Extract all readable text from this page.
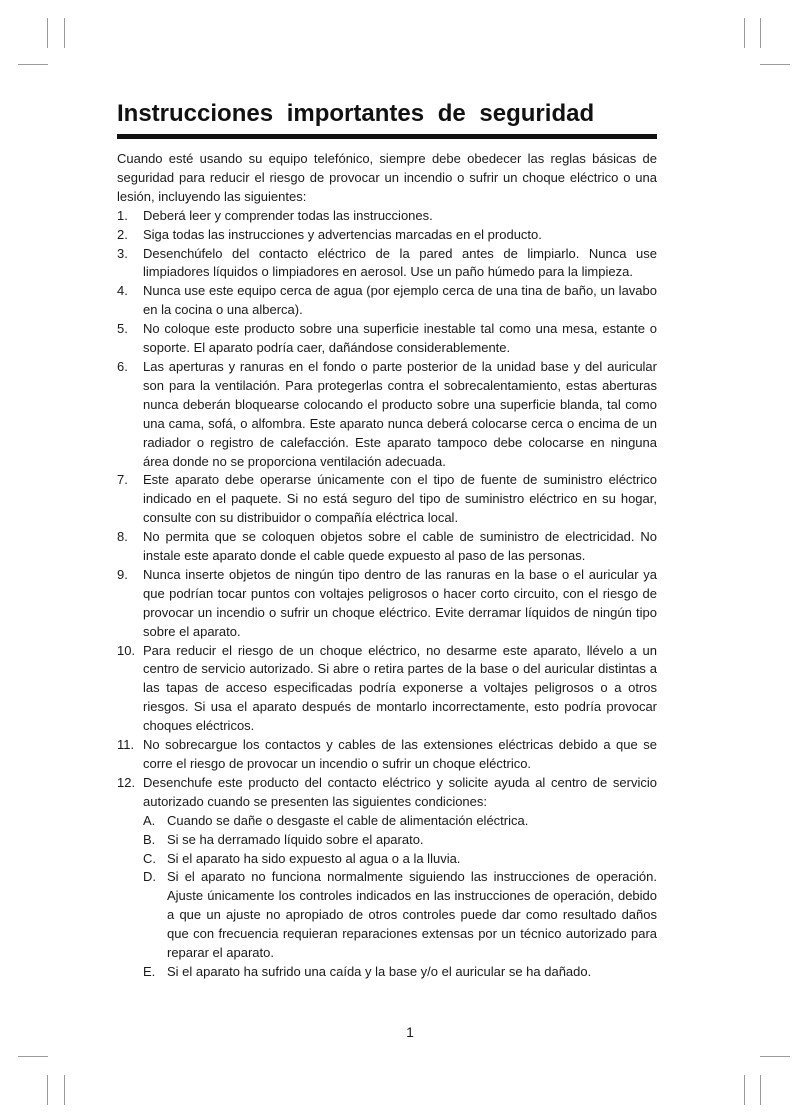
Instrucciones importantes de seguridad

Cuando esté usando su equipo telefónico, siempre debe obedecer las reglas básicas de seguridad para reducir el riesgo de provocar un incendio o sufrir un choque eléctrico o una lesión, incluyendo las siguientes:

1.	Deberá leer y comprender todas las instrucciones.
2.	Siga todas las instrucciones y advertencias marcadas en el producto.
3.	Desenchúfelo del contacto eléctrico de la pared antes de limpiarlo. Nunca use limpiadores líquidos o limpiadores en aerosol. Use un paño húmedo para la limpieza.
4.	Nunca use este equipo cerca de agua (por ejemplo cerca de una tina de baño, un lavabo en la cocina o una alberca).
5.	No coloque este producto sobre una superficie inestable tal como una mesa, estante o soporte. El aparato podría caer, dañándose considerablemente.
6.	Las aperturas y ranuras en el fondo o parte posterior de la unidad base y del auricular son para la ventilación. Para protegerlas contra el sobrecalentamiento, estas aberturas nunca deberán bloquearse colocando el producto sobre una superficie blanda, tal como una cama, sofá, o alfombra. Este aparato nunca deberá colocarse cerca o encima de un radiador o registro de calefacción. Este aparato tampoco debe colocarse en ninguna área donde no se proporciona ventilación adecuada.
7.	Este aparato debe operarse únicamente con el tipo de fuente de suministro eléctrico indicado en el paquete. Si no está seguro del tipo de suministro eléctrico en su hogar, consulte con su distribuidor o compañía eléctrica local.
8.	No permita que se coloquen objetos sobre el cable de suministro de electricidad. No instale este aparato donde el cable quede expuesto al paso de las personas.
9.	Nunca inserte objetos de ningún tipo dentro de las ranuras en la base o el auricular ya que podrían tocar puntos con voltajes peligrosos o hacer corto circuito, con el riesgo de provocar un incendio o sufrir un choque eléctrico. Evite derramar líquidos de ningún tipo sobre el aparato.
10. Para reducir el riesgo de un choque eléctrico, no desarme este aparato, llévelo a un centro de servicio autorizado. Si abre o retira partes de la base o del auricular distintas a las tapas de acceso especificadas podría exponerse a voltajes peligrosos o a otros riesgos. Si usa el aparato después de montarlo incorrectamente, esto podría provocar choques eléctricos.
11. No sobrecargue los contactos y cables de las extensiones eléctricas debido a que se corre el riesgo de provocar un incendio o sufrir un choque eléctrico.
12. Desenchufe este producto del contacto eléctrico y solicite ayuda al centro de servicio autorizado cuando se presenten las siguientes condiciones:
A. Cuando se dañe o desgaste el cable de alimentación eléctrica.
B. Si se ha derramado líquido sobre el aparato.
C. Si el aparato ha sido expuesto al agua o a la lluvia.
D. Si el aparato no funciona normalmente siguiendo las instrucciones de operación. Ajuste únicamente los controles indicados en las instrucciones de operación, debido a que un ajuste no apropiado de otros controles puede dar como resultado daños que con frecuencia requieran reparaciones extensas por un técnico autorizado para reparar el aparato.
E. Si el aparato ha sufrido una caída y la base y/o el auricular se ha dañado.
1
